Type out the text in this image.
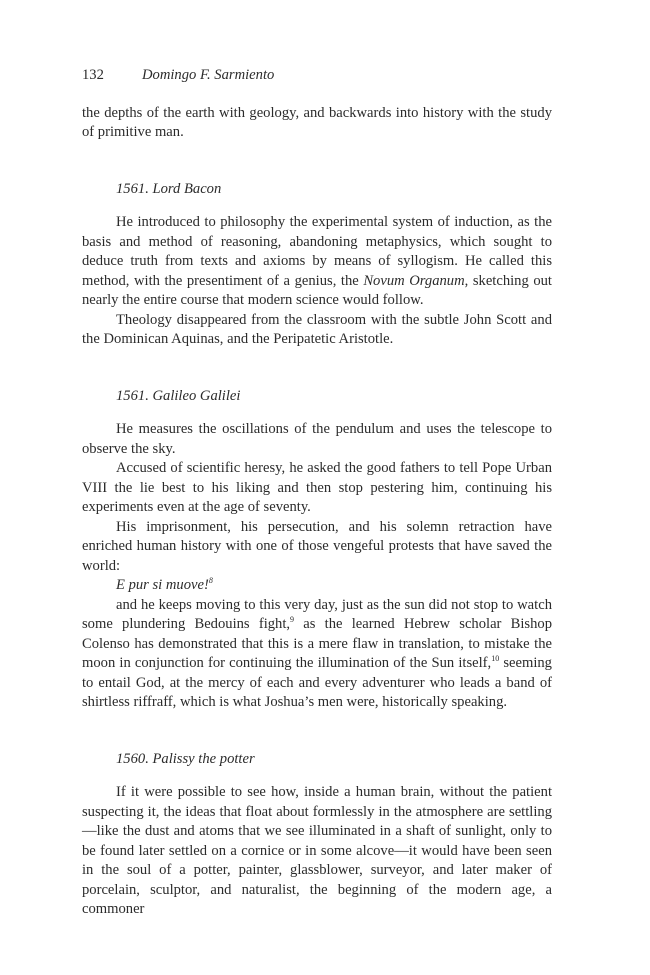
132	Domingo F. Sarmiento

the depths of the earth with geology, and backwards into history with the study of primitive man.

1561. Lord Bacon

He introduced to philosophy the experimental system of induction, as the basis and method of reasoning, abandoning metaphysics, which sought to deduce truth from texts and axioms by means of syllogism. He called this method, with the presentiment of a genius, the Novum Organum, sketching out nearly the entire course that modern science would follow.

Theology disappeared from the classroom with the subtle John Scott and the Dominican Aquinas, and the Peripatetic Aristotle.

1561. Galileo Galilei

He measures the oscillations of the pendulum and uses the telescope to observe the sky.

Accused of scientific heresy, he asked the good fathers to tell Pope Urban VIII the lie best to his liking and then stop pestering him, continuing his experiments even at the age of seventy.

His imprisonment, his persecution, and his solemn retraction have enriched human history with one of those vengeful protests that have saved the world:

E pur si muove!$^8$

and he keeps moving to this very day, just as the sun did not stop to watch some plundering Bedouins fight,$^9$ as the learned Hebrew scholar Bishop Colenso has demonstrated that this is a mere flaw in translation, to mistake the moon in conjunction for continuing the illumination of the Sun itself,$^{10}$ seeming to entail God, at the mercy of each and every adventurer who leads a band of shirtless riffraff, which is what Joshua’s men were, historically speaking.

1560. Palissy the potter

If it were possible to see how, inside a human brain, without the patient suspecting it, the ideas that float about formlessly in the atmosphere are settling—like the dust and atoms that we see illuminated in a shaft of sunlight, only to be found later settled on a cornice or in some alcove—it would have been seen in the soul of a potter, painter, glassblower, surveyor, and later maker of porcelain, sculptor, and naturalist, the beginning of the modern age, a commoner
